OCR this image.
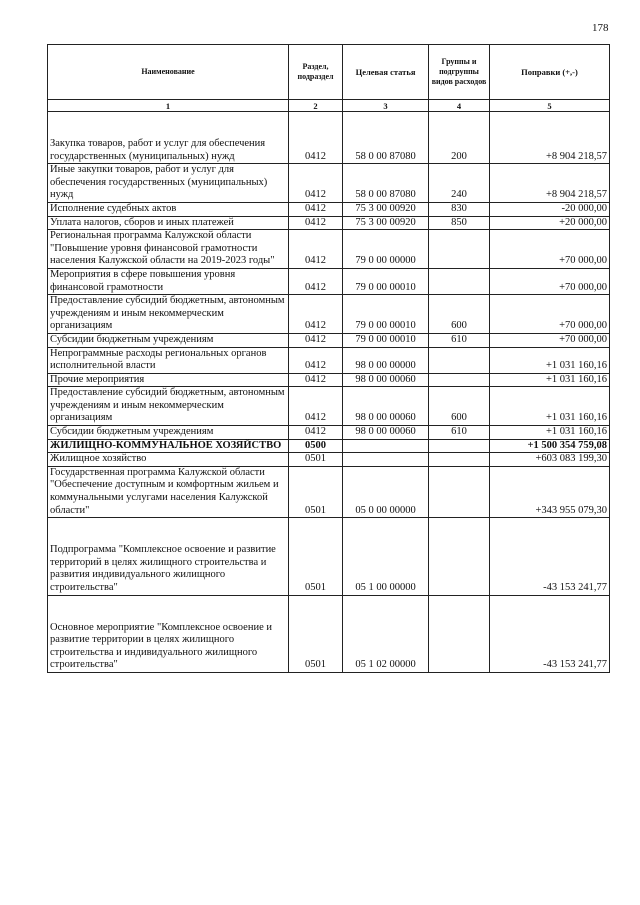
178
Наименование	Раздел, подраздел	Целевая статья	Группы и подгруппы видов расходов	Поправки (+,-)
1	2	3	4	5

Закупка товаров, работ и услуг для обеспечения государственных (муниципальных) нужд	0412	58 0 00 87080	200	+8 904 218,57
Иные закупки товаров, работ и услуг для обеспечения государственных (муниципальных) нужд	0412	58 0 00 87080	240	+8 904 218,57
Исполнение судебных актов	0412	75 3 00 00920	830	-20 000,00
Уплата налогов, сборов и иных платежей	0412	75 3 00 00920	850	+20 000,00
Региональная программа Калужской области "Повышение уровня финансовой грамотности населения Калужской области на 2019-2023 годы"	0412	79 0 00 00000		+70 000,00
Мероприятия в сфере повышения уровня финансовой грамотности	0412	79 0 00 00010		+70 000,00
Предоставление субсидий бюджетным, автономным учреждениям и иным некоммерческим организациям	0412	79 0 00 00010	600	+70 000,00
Субсидии бюджетным учреждениям	0412	79 0 00 00010	610	+70 000,00
Непрограммные расходы региональных органов исполнительной власти	0412	98 0 00 00000		+1 031 160,16
Прочие мероприятия	0412	98 0 00 00060		+1 031 160,16
Предоставление субсидий бюджетным, автономным учреждениям и иным некоммерческим организациям	0412	98 0 00 00060	600	+1 031 160,16
Субсидии бюджетным учреждениям	0412	98 0 00 00060	610	+1 031 160,16
ЖИЛИЩНО-КОММУНАЛЬНОЕ ХОЗЯЙСТВО	0500			+1 500 354 759,08
Жилищное хозяйство	0501			+603 083 199,30
Государственная программа Калужской области "Обеспечение доступным и комфортным жильем и коммунальными услугами населения Калужской области"	0501	05 0 00 00000		+343 955 079,30

Подпрограмма "Комплексное освоение и развитие территорий в целях жилищного строительства и развития индивидуального жилищного строительства"	0501	05 1 00 00000		-43 153 241,77

Основное мероприятие "Комплексное освоение и развитие территории в целях жилищного строительства и индивидуального жилищного строительства"	0501	05 1 02 00000		-43 153 241,77
